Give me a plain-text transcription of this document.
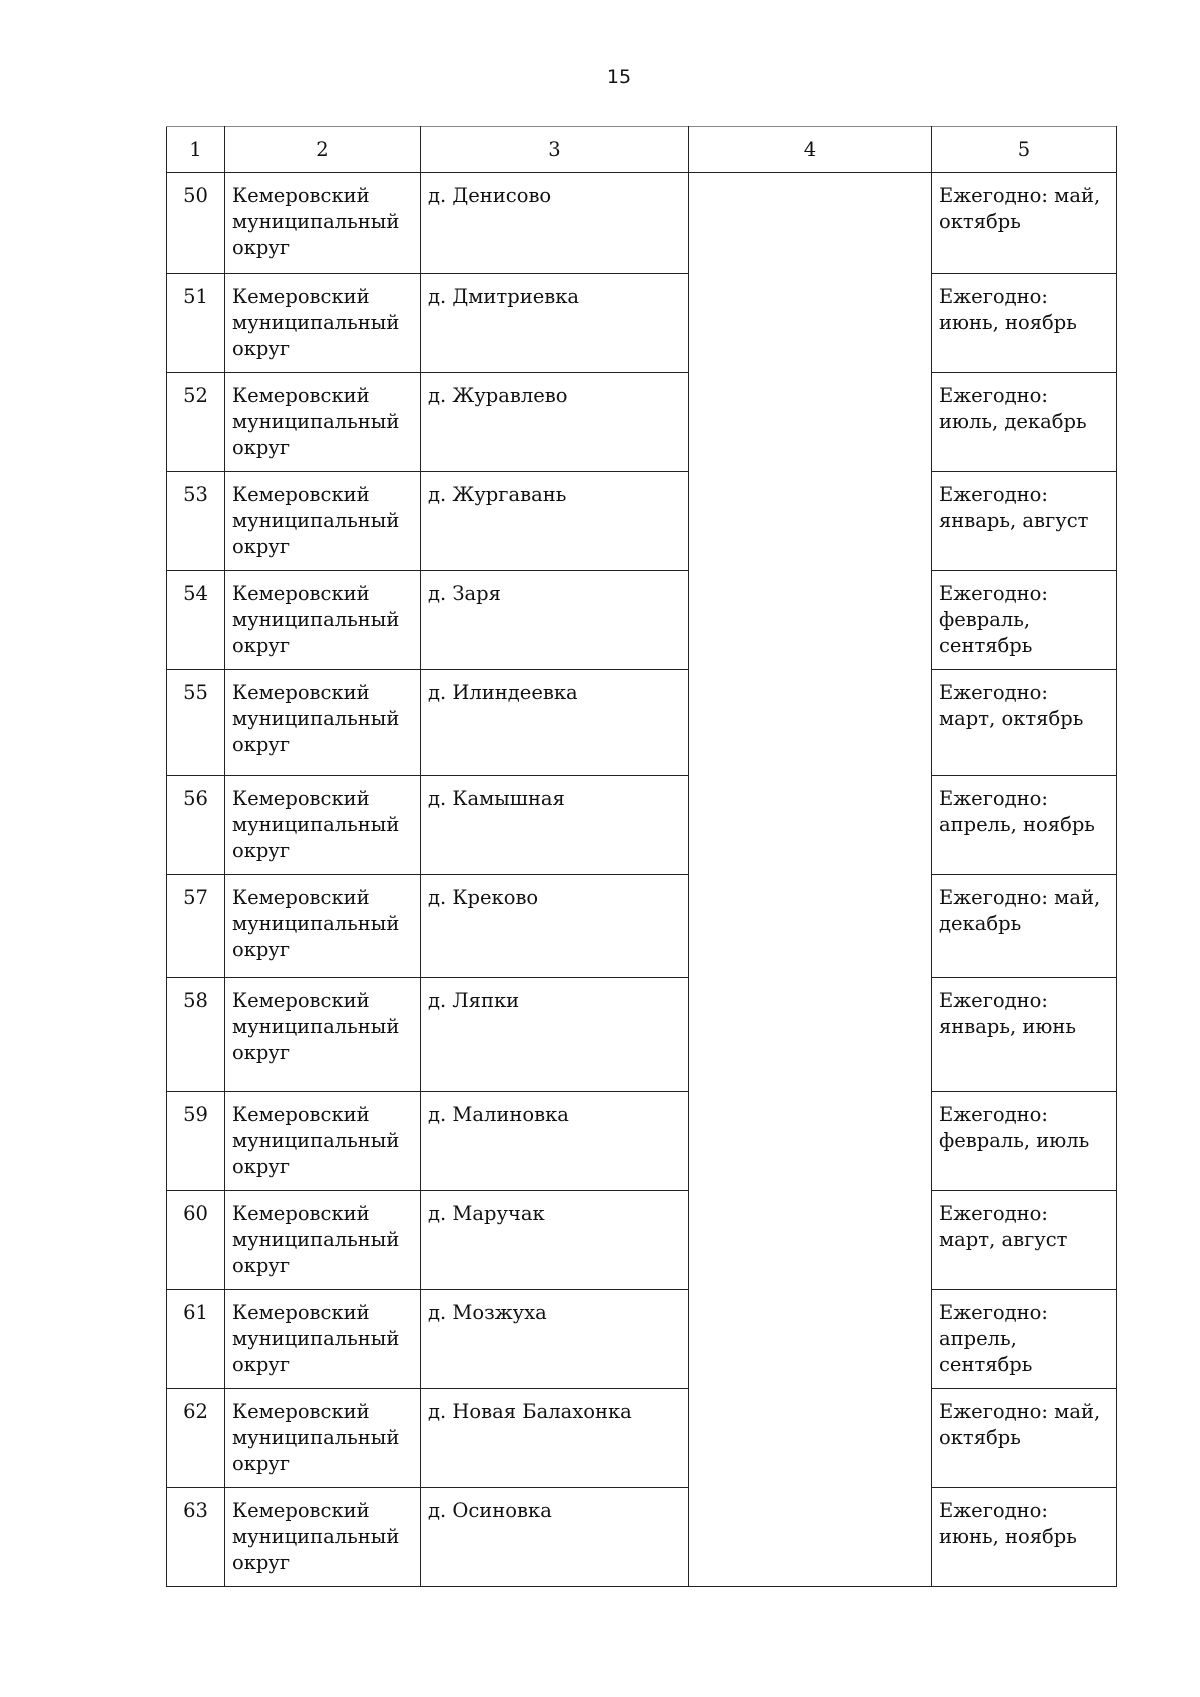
15
1	2	3	4	5
50	Кемеровский муниципальный округ	д. Денисово		Ежегодно: май, октябрь
51	Кемеровский муниципальный округ	д. Дмитриевка		Ежегодно: июнь, ноябрь
52	Кемеровский муниципальный округ	д. Журавлево		Ежегодно: июль, декабрь
53	Кемеровский муниципальный округ	д. Жургавань		Ежегодно: январь, август
54	Кемеровский муниципальный округ	д. Заря		Ежегодно: февраль, сентябрь
55	Кемеровский муниципальный округ	д. Илиндеевка		Ежегодно: март, октябрь
56	Кемеровский муниципальный округ	д. Камышная		Ежегодно: апрель, ноябрь
57	Кемеровский муниципальный округ	д. Креково		Ежегодно: май, декабрь
58	Кемеровский муниципальный округ	д. Ляпки		Ежегодно: январь, июнь
59	Кемеровский муниципальный округ	д. Малиновка		Ежегодно: февраль, июль
60	Кемеровский муниципальный округ	д. Маручак		Ежегодно: март, август
61	Кемеровский муниципальный округ	д. Мозжуха		Ежегодно: апрель, сентябрь
62	Кемеровский муниципальный округ	д. Новая Балахонка		Ежегодно: май, октябрь
63	Кемеровский муниципальный округ	д. Осиновка		Ежегодно: июнь, ноябрь
